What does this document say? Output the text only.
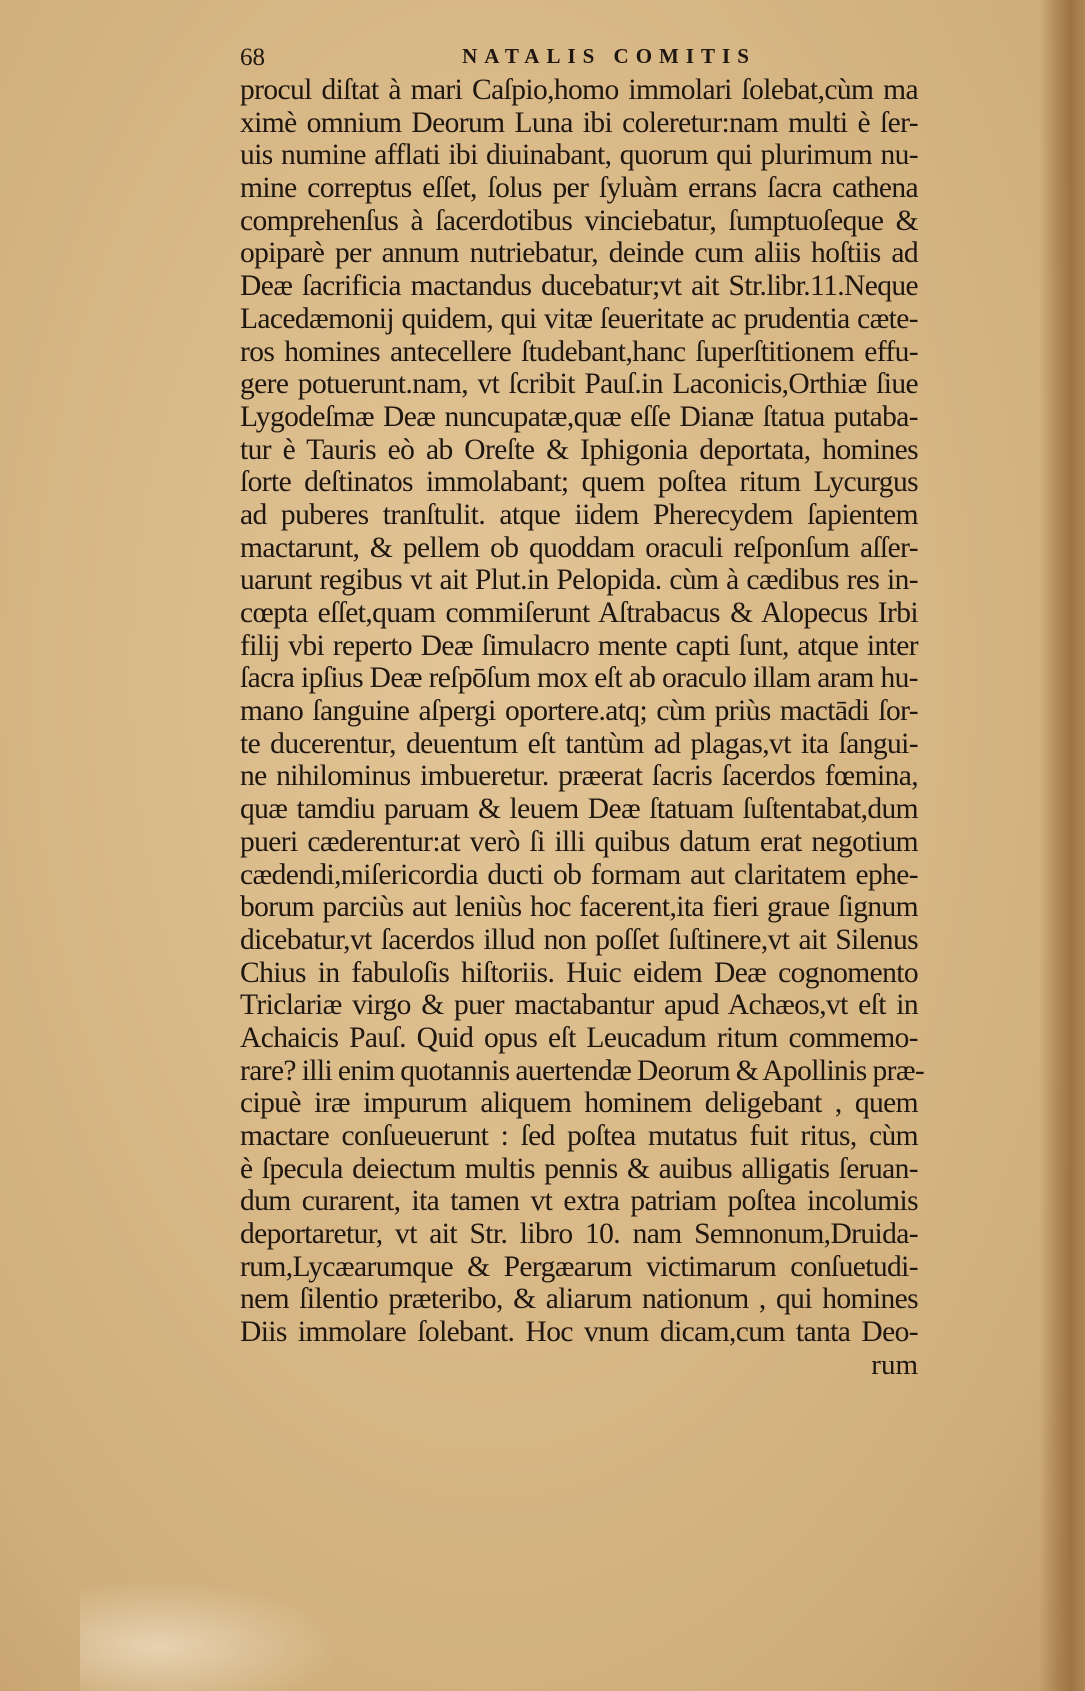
68	NATALIS COMITIS
procul diſtat à mari Caſpio,homo immolari ſolebat,cùm ma
ximè omnium Deorum Luna ibi coleretur:nam multi è ſer-
uis numine afflati ibi diuinabant, quorum qui plurimum nu-
mine correptus eſſet, ſolus per ſyluàm errans ſacra cathena
comprehenſus à ſacerdotibus vinciebatur, ſumptuoſeque &
opiparè per annum nutriebatur, deinde cum aliis hoſtiis ad
Deæ ſacrificia mactandus ducebatur;vt ait Str.libr.11.Neque
Lacedæmonij quidem, qui vitæ ſeueritate ac prudentia cæte-
ros homines antecellere ſtudebant,hanc ſuperſtitionem effu-
gere potuerunt.nam, vt ſcribit Pauſ.in Laconicis,Orthiæ ſiue
Lygodeſmæ Deæ nuncupatæ,quæ eſſe Dianæ ſtatua putaba-
tur è Tauris eò ab Oreſte & Iphigonia deportata, homines
ſorte deſtinatos immolabant; quem poſtea ritum Lycurgus
ad puberes tranſtulit. atque iidem Pherecydem ſapientem
mactarunt, & pellem ob quoddam oraculi reſponſum aſſer-
uarunt regibus vt ait Plut.in Pelopida. cùm à cædibus res in-
cœpta eſſet,quam commiſerunt Aſtrabacus & Alopecus Irbi
filij vbi reperto Deæ ſimulacro mente capti ſunt, atque inter
ſacra ipſius Deæ reſpōſum mox eſt ab oraculo illam aram hu-
mano ſanguine aſpergi oportere.atq; cùm priùs mactādi ſor-
te ducerentur, deuentum eſt tantùm ad plagas,vt ita ſangui-
ne nihilominus imbueretur. præerat ſacris ſacerdos fœmina,
quæ tamdiu paruam & leuem Deæ ſtatuam ſuſtentabat,dum
pueri cæderentur:at verò ſi illi quibus datum erat negotium
cædendi,miſericordia ducti ob formam aut claritatem ephe-
borum parciùs aut leniùs hoc facerent,ita fieri graue ſignum
dicebatur,vt ſacerdos illud non poſſet ſuſtinere,vt ait Silenus
Chius in fabuloſis hiſtoriis. Huic eidem Deæ cognomento
Triclariæ virgo & puer mactabantur apud Achæos,vt eſt in
Achaicis Pauſ. Quid opus eſt Leucadum ritum commemo-
rare? illi enim quotannis auertendæ Deorum & Apollinis præ-
cipuè iræ impurum aliquem hominem deligebant , quem
mactare conſueuerunt : ſed poſtea mutatus fuit ritus, cùm
è ſpecula deiectum multis pennis & auibus alligatis ſeruan-
dum curarent, ita tamen vt extra patriam poſtea incolumis
deportaretur, vt ait Str. libro 10. nam Semnonum,Druida-
rum,Lycæarumque & Pergæarum victimarum conſuetudi-
nem ſilentio præteribo, & aliarum nationum , qui homines
Diis immolare ſolebant. Hoc vnum dicam,cum tanta Deo-
rum
